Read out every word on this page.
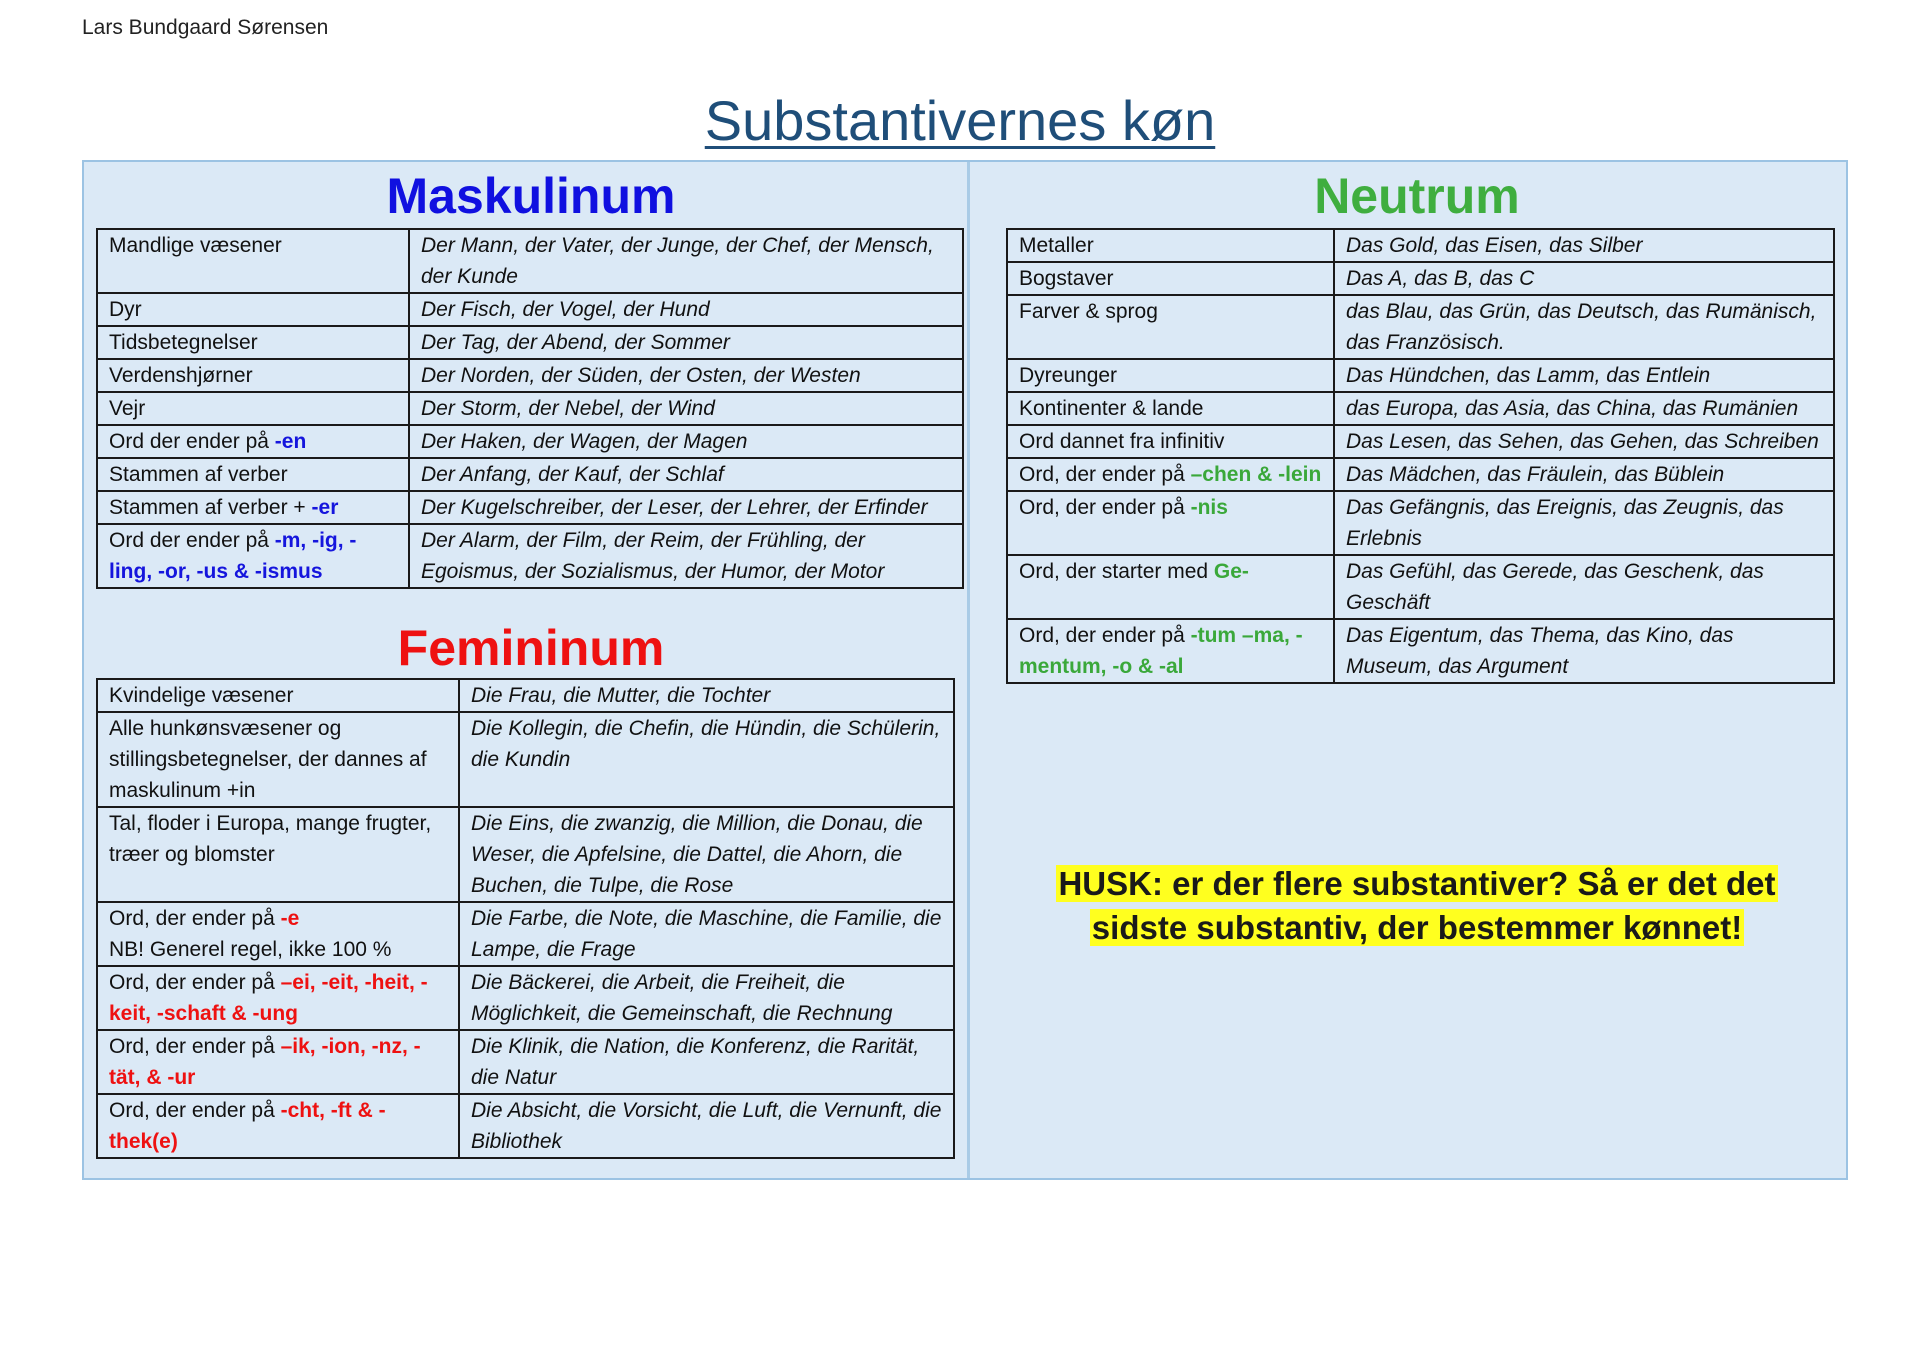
Lars Bundgaard Sørensen
Substantivernes køn
Maskulinum
Mandlige væsener	Der Mann, der Vater, der Junge, der Chef, der Mensch, der Kunde
Dyr	Der Fisch, der Vogel, der Hund
Tidsbetegnelser	Der Tag, der Abend, der Sommer
Verdenshjørner	Der Norden, der Süden, der Osten, der Westen
Vejr	Der Storm, der Nebel, der Wind
Ord der ender på -en	Der Haken, der Wagen, der Magen
Stammen af verber	Der Anfang, der Kauf, der Schlaf
Stammen af verber + -er	Der Kugelschreiber, der Leser, der Lehrer, der Erfinder
Ord der ender på -m, -ig, -ling, -or, -us & -ismus	Der Alarm, der Film, der Reim, der Frühling, der Egoismus, der Sozialismus, der Humor, der Motor
Femininum
Kvindelige væsener	Die Frau, die Mutter, die Tochter
Alle hunkønsvæsener og stillingsbetegnelser, der dannes af maskulinum +in	Die Kollegin, die Chefin, die Hündin, die Schülerin, die Kundin
Tal, floder i Europa, mange frugter, træer og blomster	Die Eins, die zwanzig, die Million, die Donau, die Weser, die Apfelsine, die Dattel, die Ahorn, die Buchen, die Tulpe, die Rose
Ord, der ender på -e
NB! Generel regel, ikke 100 %	Die Farbe, die Note, die Maschine, die Familie, die Lampe, die Frage
Ord, der ender på –ei, -eit, -heit, -keit, -schaft & -ung	Die Bäckerei, die Arbeit, die Freiheit, die Möglichkeit, die Gemeinschaft, die Rechnung
Ord, der ender på –ik, -ion, -nz, -tät, & -ur	Die Klinik, die Nation, die Konferenz, die Rarität, die Natur
Ord, der ender på -cht, -ft & -thek(e)	Die Absicht, die Vorsicht, die Luft, die Vernunft, die Bibliothek
Neutrum
Metaller	Das Gold, das Eisen, das Silber
Bogstaver	Das A, das B, das C
Farver & sprog	das Blau, das Grün, das Deutsch, das Rumänisch, das Französisch.
Dyreunger	Das Hündchen, das Lamm, das Entlein
Kontinenter & lande	das Europa, das Asia, das China, das Rumänien
Ord dannet fra infinitiv	Das Lesen, das Sehen, das Gehen, das Schreiben
Ord, der ender på –chen & -lein	Das Mädchen, das Fräulein, das Büblein
Ord, der ender på -nis	Das Gefängnis, das Ereignis, das Zeugnis, das Erlebnis
Ord, der starter med Ge-	Das Gefühl, das Gerede, das Geschenk, das Geschäft
Ord, der ender på -tum –ma, -mentum, -o & -al	Das Eigentum, das Thema, das Kino, das Museum, das Argument
HUSK: er der flere substantiver? Så er det det
sidste substantiv, der bestemmer kønnet!
